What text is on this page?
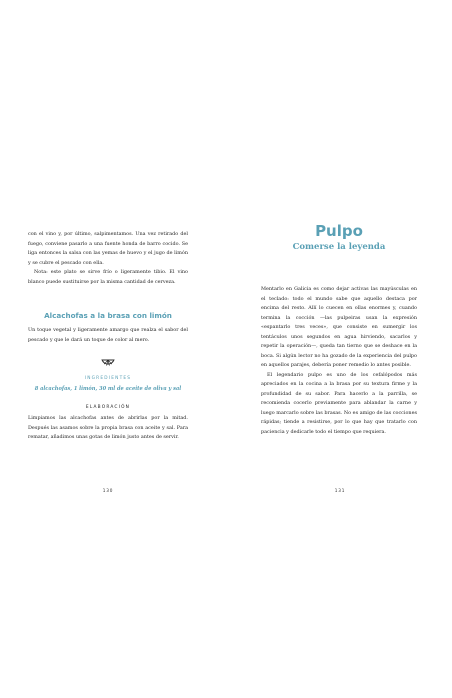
con el vino y, por último, salpimentamos. Una vez retirado del fuego, conviene pasarlo a una fuente honda de barro cocido. Se liga entonces la salsa con las yemas de huevo y el jugo de limón y se cubre el pescado con ella.

Nota: este plato se sirve frío o ligeramente tibio. El vino blanco puede sustituirse por la misma cantidad de cerveza.

Alcachofas a la brasa con limón

Un toque vegetal y ligeramente amargo que realza el sabor del pescado y que le dará un toque de color al mero.

INGREDIENTES

8 alcachofas, 1 limón, 30 ml de aceite de oliva y sal

ELABORACIÓN

Limpiamos las alcachofas antes de abrirlas por la mitad. Después las asamos sobre la propia brasa con aceite y sal. Para rematar, añadimos unas gotas de limón justo antes de servir.

130
Pulpo
Comerse la leyenda

Mentarlo en Galicia es como dejar activas las mayúsculas en el teclado: todo el mundo sabe que aquello destaca por encima del resto. Allí lo cuecen en ollas enormes y, cuando termina la cocción —las pulpeiras usan la expresión «espantarlo tres veces», que consiste en sumergir los tentáculos unos segundos en agua hirviendo, sacarlos y repetir la operación—, queda tan tierno que se deshace en la boca. Si algún lector no ha gozado de la experiencia del pulpo en aquellos parajes, debería poner remedio lo antes posible.

El legendario pulpo es uno de los cefalópodos más apreciados en la cocina a la brasa por su textura firme y la profundidad de su sabor. Para hacerlo a la parrilla, se recomienda cocerlo previamente para ablandar la carne y luego marcarlo sobre las brasas. No es amigo de las cocciones rápidas; tiende a resistirse, por lo que hay que tratarlo con paciencia y dedicarle todo el tiempo que requiera.

131
